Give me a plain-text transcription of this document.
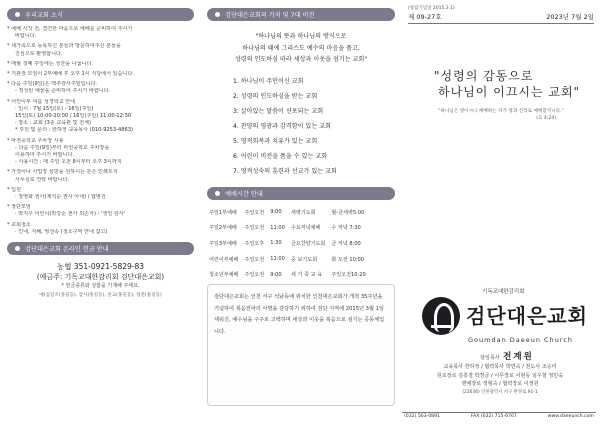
우리교회 소식

* 예배 시작 전, 경건한 마음으로 예배를 준비하여 주시기

바랍니다.

* 새가족으로 등록하신 분들과 방문하여주신 분들을

진심으로 환영합니다.

* 매월 첫째 주일에는 성찬을 나눕니다.

* 기관장 모임이 2부예배 후 오후 1시 식당에서 있습니다.

* 다음 주일(9일)은 맥추감사주일입니다.

- 정성된 예물을 준비하여 주시기 바랍니다.

* 어린이부 여름 성경학교 안내

· 일시 : 7월 15일(토) - 16일(주일)

15일(토) 10:00-20:00 / 16일(주일) 11:00-12:30

· 장소 : 교회 (3층 교육관 및 전체)

* 후원 및 문의 : 한하정 교육목사 (010-9253-4863)

* 마전중학교 주차장 사용

- 다음 주일(9일)부터 마전중학교 주차장을

이용하여 주시기 바랍니다.

- 사용시간 : 매 주일 오전 8시부터 오후 3시까지

* 가정이나 사업장 심방을 원하시는 분은 인쇄트지

사무실로 연락 바랍니다.

* 입원

· 장영화 권사(제석순 권사 아내) / 탑병원

* 장단모임

· 박지우 어린이(박강순 권사 외손자) - '생일 감사'

* 교회청소

· 인내, 지혜, 영선속 (청소구역 안내 참고)

검단대은교회 온라인 헌금 안내
농협 351-0921-5829-83
(예금주: 기독교대한감리회 검단대은교회)
* 헌금종류와 성함을 기재해 주세요.
예)십일조(홍길동), 감사(홍길동), 선교(홍길동), 성전(홍길동)
검단대은교회의 가치 및 7대 비전

"하나님의 뜻과 하나님의 방식으로

하나님의 때에 그리스도 예수의 마음을 품고,

성령의 인도하심 따라 세상과 이웃을 섬기는 교회"

1. 하나님이 주인이신 교회

2. 성령의 인도하심을 받는 교회

3. 살아있는 말씀이 선포되는 교회

4. 찬양의 영광과 감격함이 있는 교회

5. 영적회복과 치유가 있는 교회

6. 어린이 비전을 품을 수 있는 교회

7. 영적성숙의 훈련과 선교가 있는 교회

예배시간 안내
주일1부예배	주일오전	9:00	새벽기도회	월-금새벽5:00
주일2부예배	주일오전	11:00	수요저녁예배	수 저녁 7:30
주일3부예배	주일오후	1:30	금요찬양기도회	금 저녁 8:00
어린이부예배	주일오전	11:00	중 보기도회	화 오전 10:00
청소년부예배	주일오전	9:00	새 가 족 교 육	주일오전10:20
검단대은교회는 인천 서구 석남동에 위치한 인천대은교회가 개척 35주년을 기념하여 복음전파의 사명을 감당하기 위하여 검단 지역에 2015년 3월 1일 세워진, 예수님을 구주로 고백하며 세상과 이웃을 복음으로 섬기는 공동체입니다.
(창립기념일 2015.3.1)
제 09-27호	2023년 7월 2일

"성령의 감동으로

하나님이 이끄시는 교회"

"하나님은 영이시니 예배하는 자가 영과 진리로 예배할지니라."
(요 4:24)
기독교대한감리회
검단대은교회
Goumdan Daeeun Church
담임목사 전계원

교육목사 한하정 / 협력목사 박연숙 / 전도사 조승미

원로장로 김흥겸 박정금 / 시무장로 이현동 임우철 정민숙

명예장로 정형숙 / 협력장로 이정원

(22636) 인천광역시 서구 완정로 91-1

(032) 563-0891	FAX (032) 715-6767	www.daeeunch.com
